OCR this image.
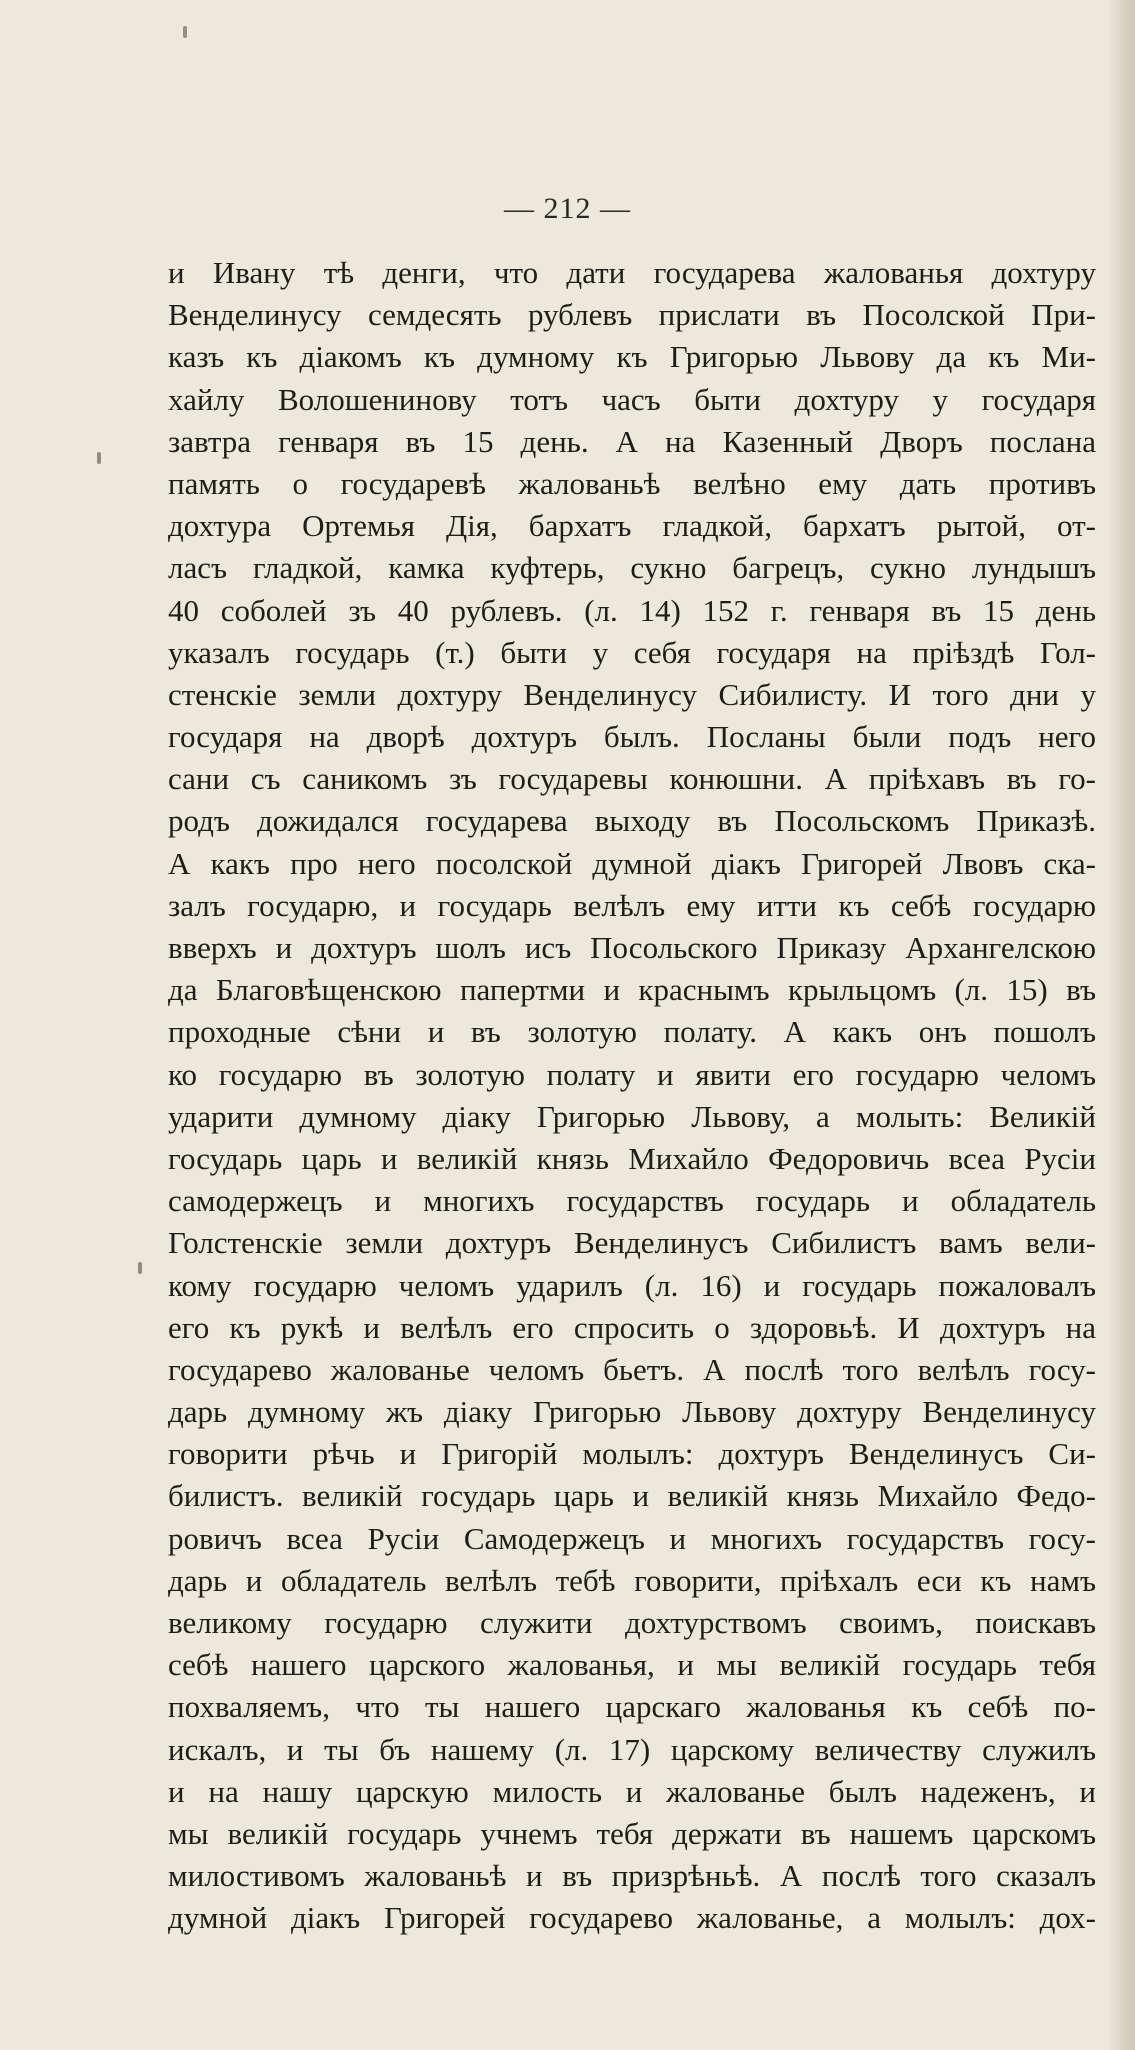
— 212 —
и Ивану тѣ денги, что дати государева жалованья дохтуру
Венделинусу семдесять рублевъ прислати въ Посолской При-
казъ къ діакомъ къ думному къ Григорью Львову да къ Ми-
хайлу Волошенинову тотъ часъ быти дохтуру у государя
завтра генваря въ 15 день. А на Казенный Дворъ послана
память о государевѣ жалованьѣ велѣно ему дать противъ
дохтура Ортемья Дія, бархатъ гладкой, бархатъ рытой, от-
ласъ гладкой, камка куфтерь, сукно багрецъ, сукно лундышъ
40 соболей зъ 40 рублевъ. (л. 14) 152 г. генваря въ 15 день
указалъ государь (т.) быти у себя государя на пріѣздѣ Гол-
стенскіе земли дохтуру Венделинусу Сибилисту. И того дни у
государя на дворѣ дохтуръ былъ. Посланы были подъ него
сани съ саникомъ зъ государевы конюшни. А пріѣхавъ въ го-
родъ дожидался государева выходу въ Посольскомъ Приказѣ.
А какъ про него посолской думной діакъ Григорей Лвовъ ска-
залъ государю, и государь велѣлъ ему итти къ себѣ государю
вверхъ и дохтуръ шолъ исъ Посольского Приказу Архангелскою
да Благовѣщенскою папертми и краснымъ крыльцомъ (л. 15) въ
проходные сѣни и въ золотую полату. А какъ онъ пошолъ
ко государю въ золотую полату и явити его государю челомъ
ударити думному діаку Григорью Львову, а молыть: Великій
государь царь и великій князь Михайло Федоровичь всеа Русіи
самодержецъ и многихъ государствъ государь и обладатель
Голстенскіе земли дохтуръ Венделинусъ Сибилистъ вамъ вели-
кому государю челомъ ударилъ (л. 16) и государь пожаловалъ
его къ рукѣ и велѣлъ его спросить о здоровьѣ. И дохтуръ на
государево жалованье челомъ бьетъ. А послѣ того велѣлъ госу-
дарь думному жъ діаку Григорью Львову дохтуру Венделинусу
говорити рѣчь и Григорій молылъ: дохтуръ Венделинусъ Си-
билистъ. великій государь царь и великій князь Михайло Федо-
ровичъ всеа Русіи Самодержецъ и многихъ государствъ госу-
дарь и обладатель велѣлъ тебѣ говорити, пріѣхалъ еси къ намъ
великому государю служити дохтурствомъ своимъ, поискавъ
себѣ нашего царского жалованья, и мы великій государь тебя
похваляемъ, что ты нашего царскаго жалованья къ себѣ по-
искалъ, и ты бъ нашему (л. 17) царскому величеству служилъ
и на нашу царскую милость и жалованье былъ надеженъ, и
мы великій государь учнемъ тебя держати въ нашемъ царскомъ
милостивомъ жалованьѣ и въ призрѣньѣ. А послѣ того сказалъ
думной діакъ Григорей государево жалованье, а молылъ: дох-
